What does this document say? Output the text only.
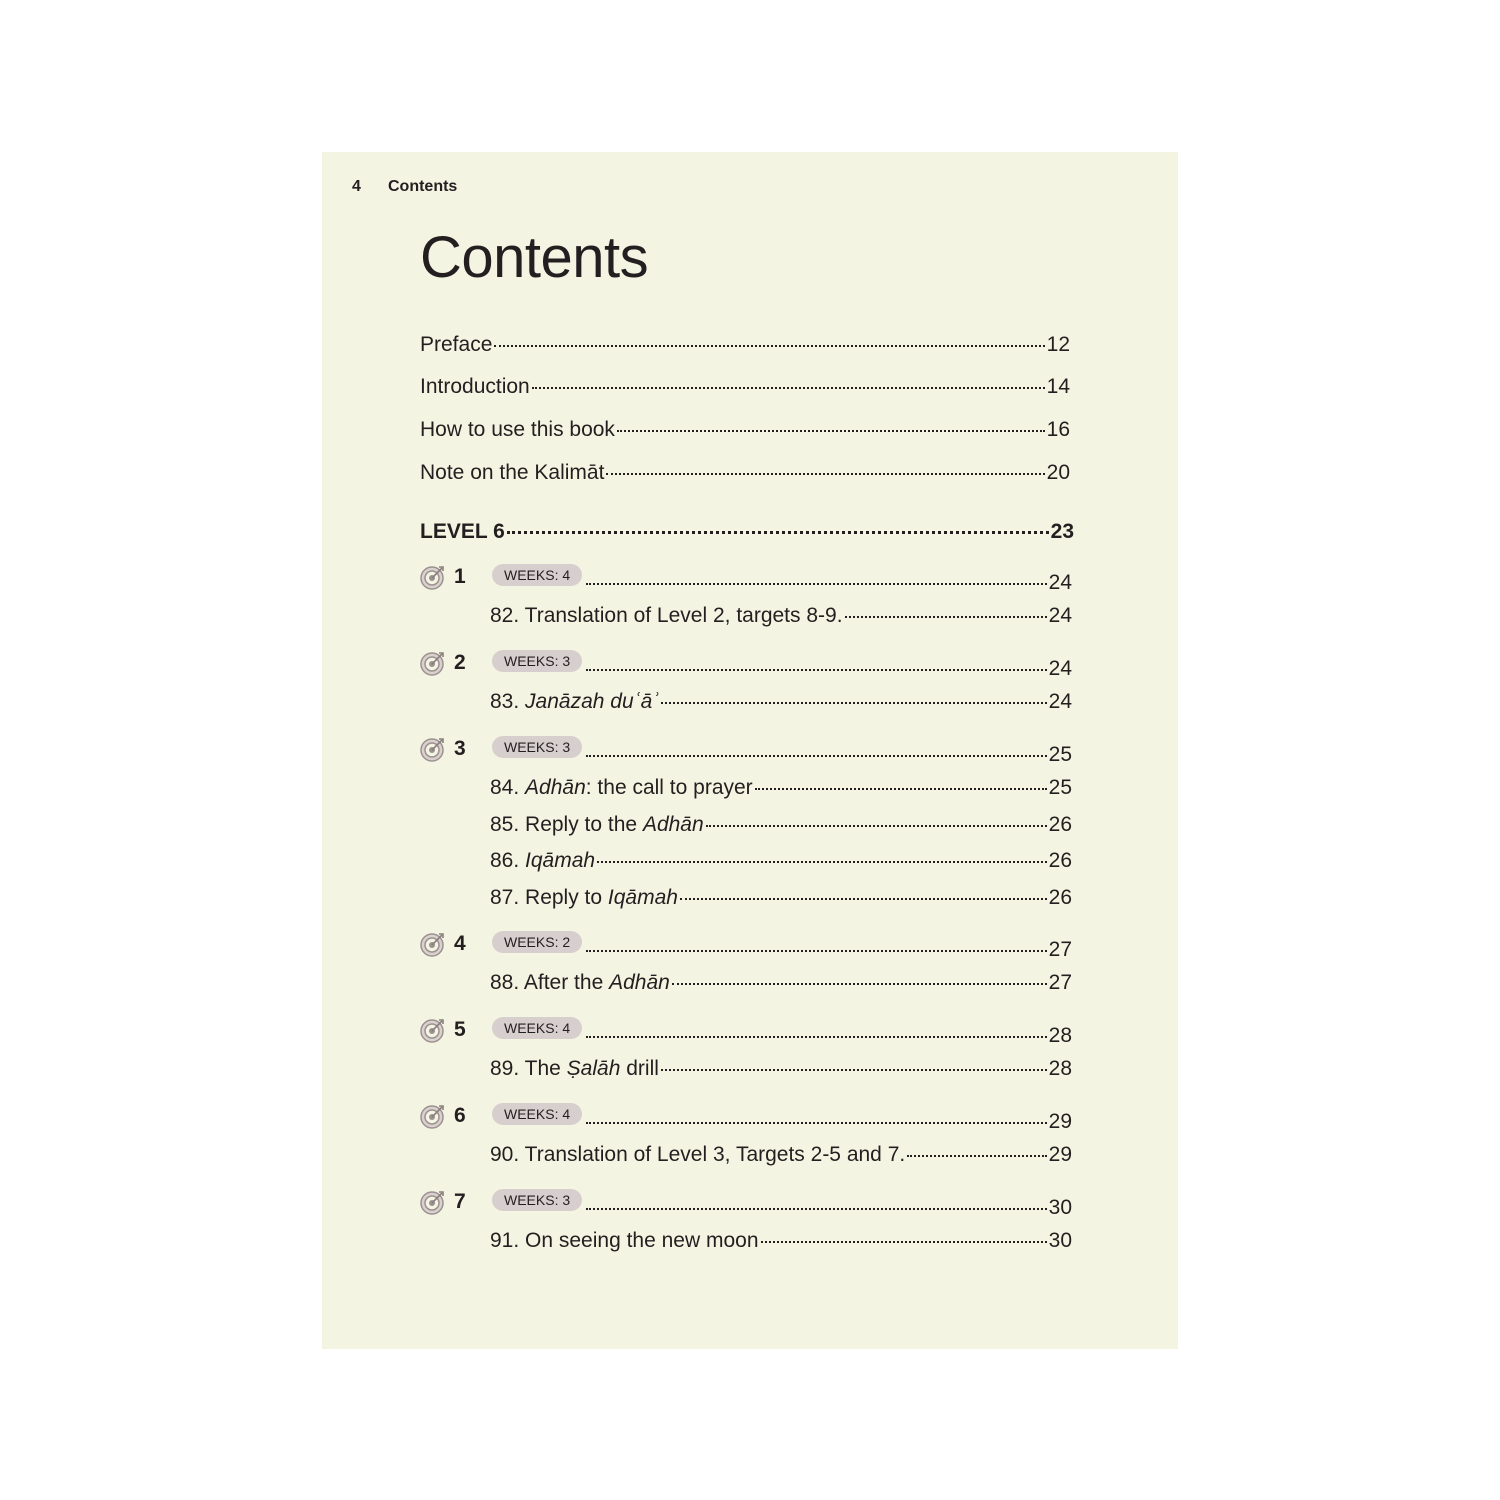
4 Contents
Contents
Preface	12
Introduction	14
How to use this book	16
Note on the Kalimāt	20
LEVEL 6	23
1	WEEKS: 4	24
82. Translation of Level 2, targets 8-9.	24
2	WEEKS: 3	24
83. Janāzah duʿāʾ	24
3	WEEKS: 3	25
84. Adhān: the call to prayer	25
85. Reply to the Adhān	26
86. Iqāmah	26
87. Reply to Iqāmah	26
4	WEEKS: 2	27
88. After the Adhān	27
5	WEEKS: 4	28
89. The Ṣalāh drill	28
6	WEEKS: 4	29
90. Translation of Level 3, Targets 2-5 and 7.	29
7	WEEKS: 3	30
91. On seeing the new moon	30
